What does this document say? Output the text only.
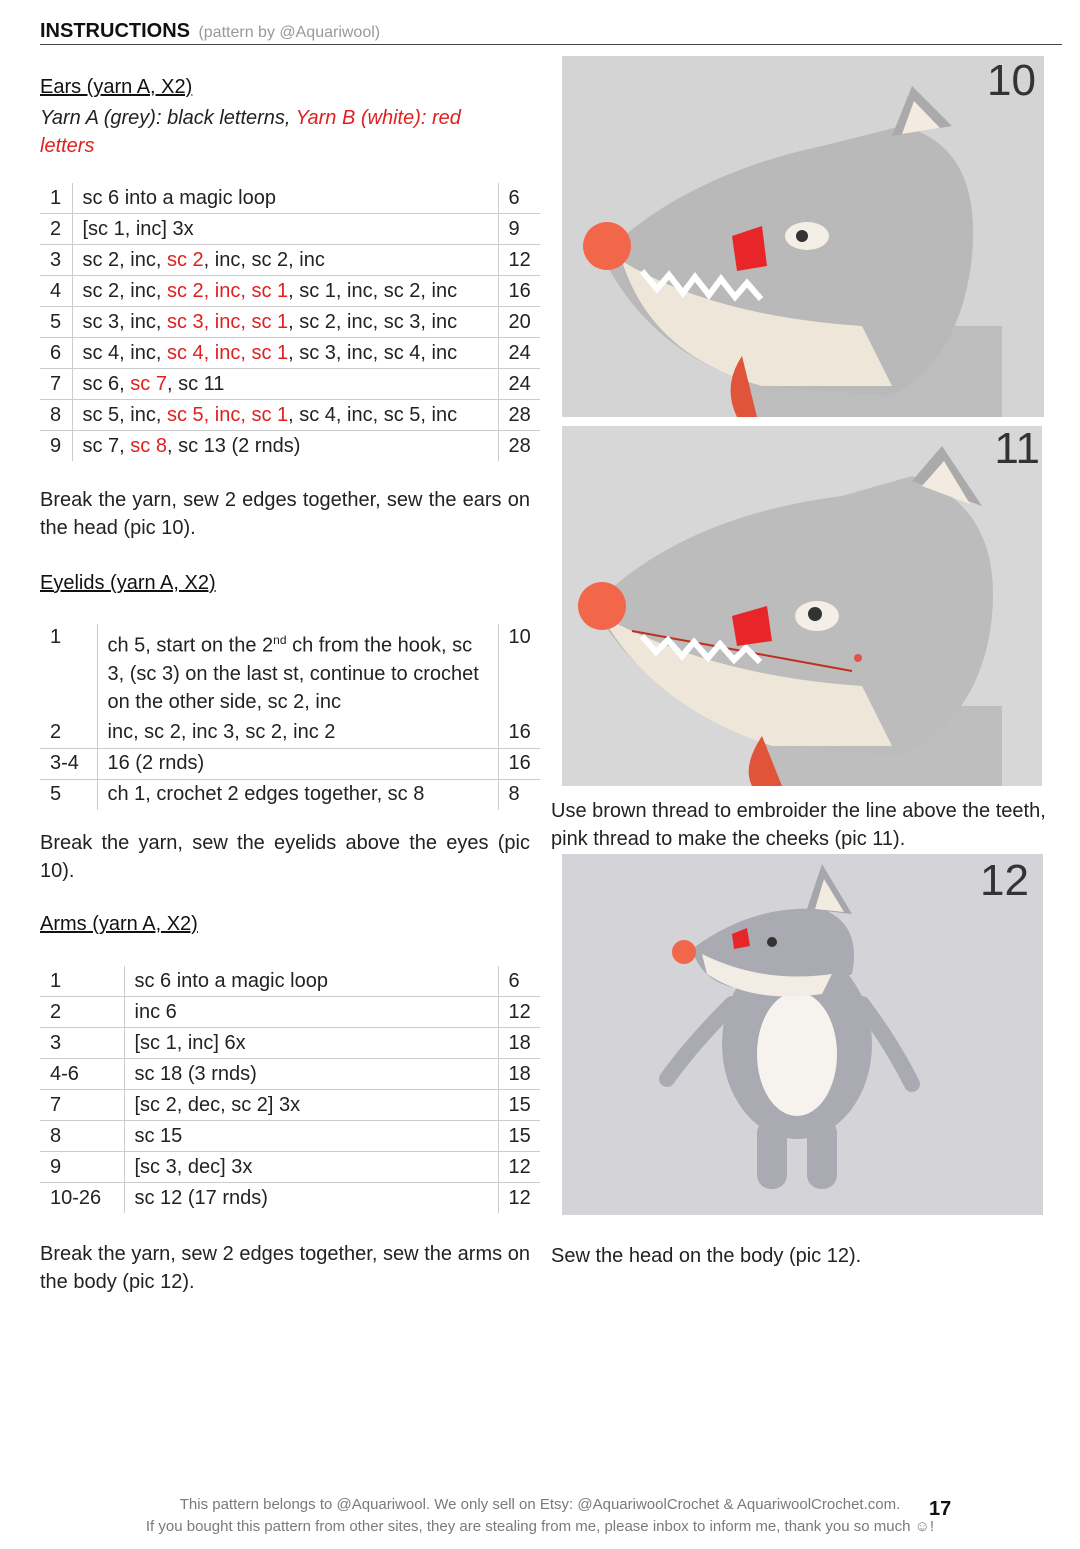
INSTRUCTIONS (pattern by @Aquariwool)

Ears (yarn A, X2)

Yarn A (grey): black letterns, Yarn B (white): red letters

1	sc 6 into a magic loop	6
2	[sc 1, inc] 3x	9
3	sc 2, inc, sc 2, inc, sc 2, inc	12
4	sc 2, inc, sc 2, inc, sc 1, sc 1, inc, sc 2, inc	16
5	sc 3, inc, sc 3, inc, sc 1, sc 2, inc, sc 3, inc	20
6	sc 4, inc, sc 4, inc, sc 1, sc 3, inc, sc 4, inc	24
7	sc 6, sc 7, sc 11	24
8	sc 5, inc, sc 5, inc, sc 1, sc 4, inc, sc 5, inc	28
9	sc 7, sc 8, sc 13 (2 rnds)	28

Break the yarn, sew 2 edges together, sew the ears on the head (pic 10).

Eyelids (yarn A, X2)

1	ch 5, start on the 2nd ch from the hook, sc 3, (sc 3) on the last st, continue to crochet on the other side, sc 2, inc	10
2	inc, sc 2, inc 3, sc 2, inc 2	16
3-4	16 (2 rnds)	16
5	ch 1, crochet 2 edges together, sc 8	8

Break the yarn, sew the eyelids above the eyes (pic 10).

Arms (yarn A, X2)

1	sc 6 into a magic loop	6
2	inc 6	12
3	[sc 1, inc] 6x	18
4-6	sc 18 (3 rnds)	18
7	[sc 2, dec, sc 2] 3x	15
8	sc 15	15
9	[sc 3, dec] 3x	12
10-26	sc 12 (17 rnds)	12

Break the yarn, sew 2 edges together, sew the arms on the body (pic 12).

10
11

Use brown thread to embroider the line above the teeth, pink thread to make the cheeks (pic 11).

12

Sew the head on the body (pic 12).

This pattern belongs to @Aquariwool. We only sell on Etsy: @AquariwoolCrochet & AquariwoolCrochet.com.
If you bought this pattern from other sites, they are stealing from me, please inbox to inform me, thank you so much ☺!
17
